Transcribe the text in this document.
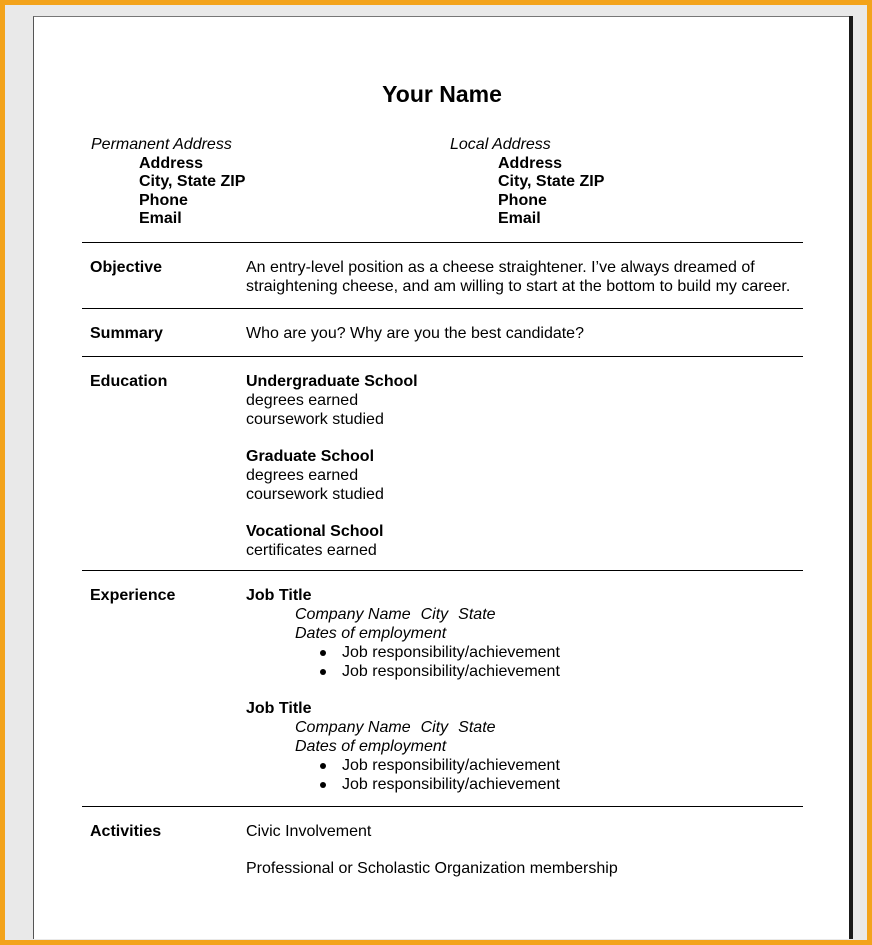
Your Name
Permanent Address
Address
City, State ZIP
Phone
Email
Local Address
Address
City, State ZIP
Phone
Email
Objective	An entry-level position as a cheese straightener. I’ve always dreamed of
straightening cheese, and am willing to start at the bottom to build my career.
Summary	Who are you? Why are you the best candidate?
Education	Undergraduate School
degrees earned
coursework studied
Graduate School
degrees earned
coursework studied
Vocational School
certificates earned
Experience	Job Title
Company Name City State
Dates of employment
Job responsibility/achievement
Job responsibility/achievement
Job Title
Company Name City State
Dates of employment
Job responsibility/achievement
Job responsibility/achievement
Activities	Civic Involvement
Professional or Scholastic Organization membership
